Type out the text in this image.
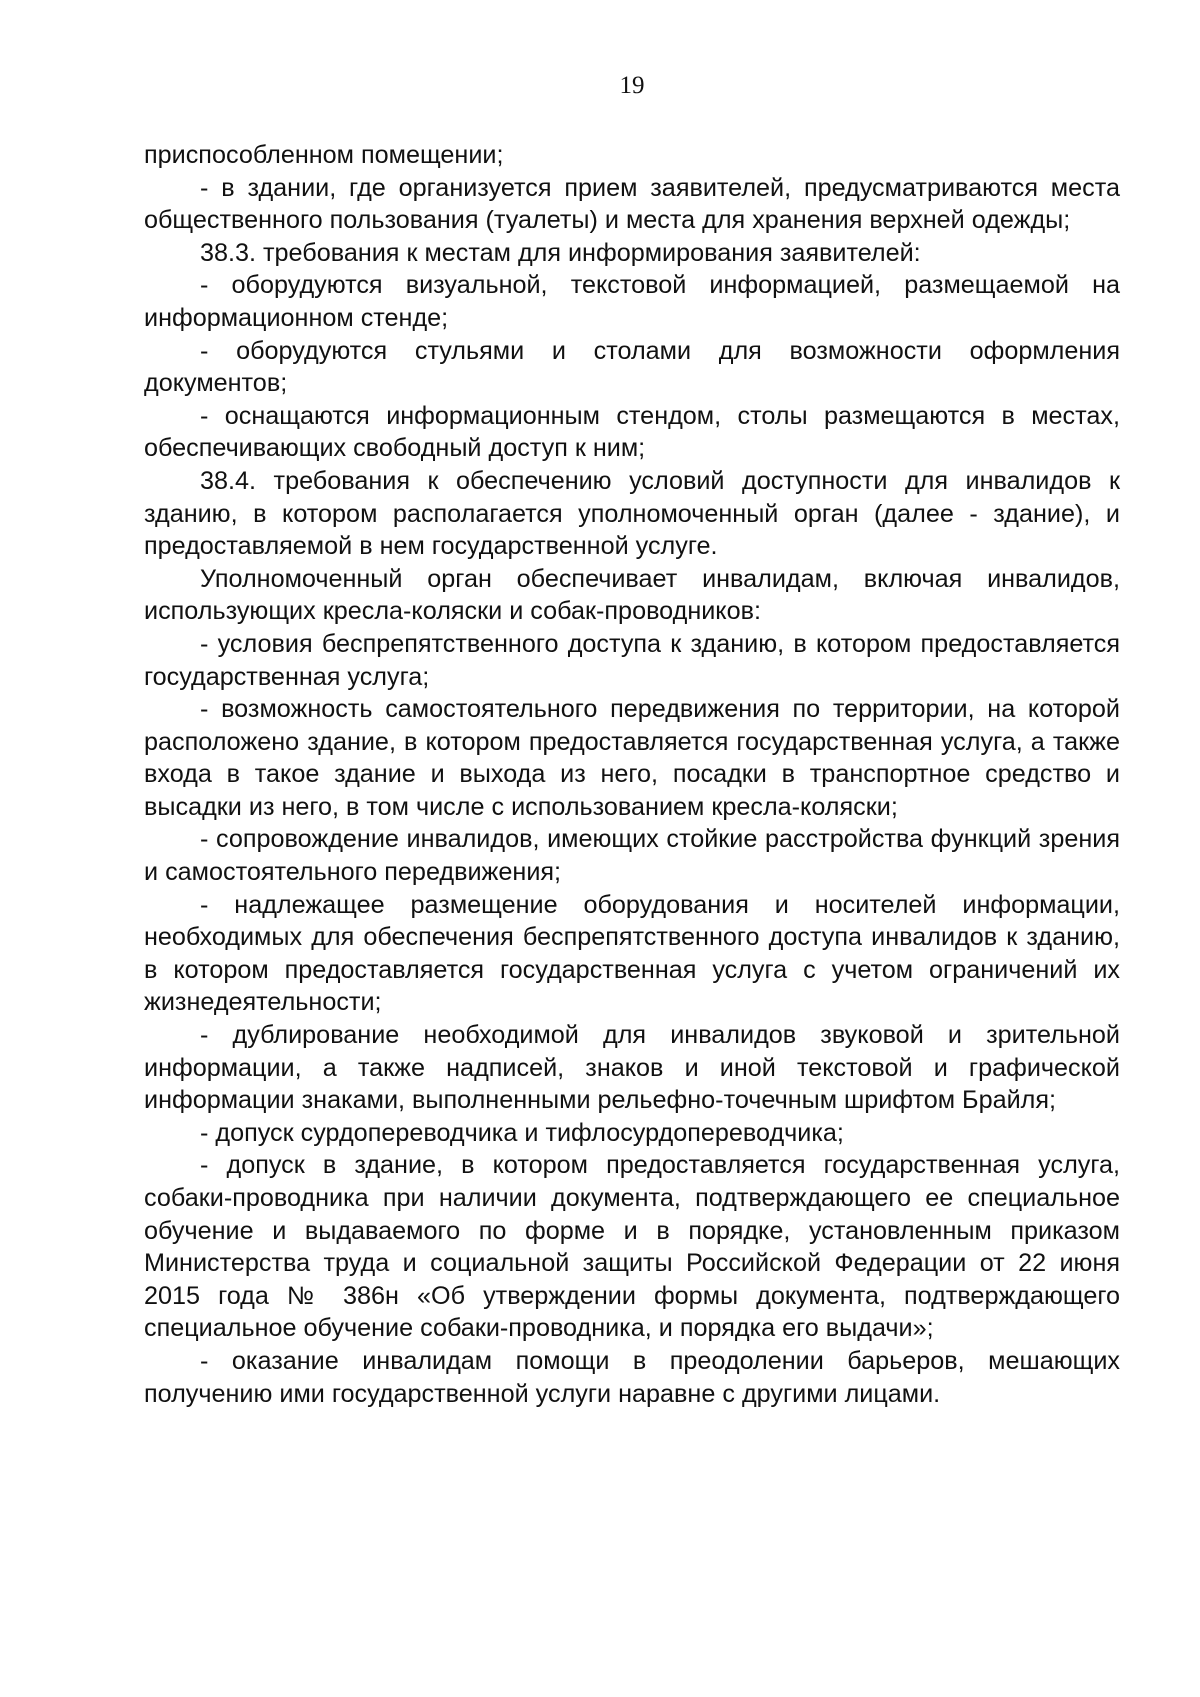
19

приспособленном помещении;

- в здании, где организуется прием заявителей, предусматриваются места общественного пользования (туалеты) и места для хранения верхней одежды;

38.3. требования к местам для информирования заявителей:

- оборудуются визуальной, текстовой информацией, размещаемой на информационном стенде;

- оборудуются стульями и столами для возможности оформления документов;

- оснащаются информационным стендом, столы размещаются в местах, обеспечивающих свободный доступ к ним;

38.4. требования к обеспечению условий доступности для инвалидов к зданию, в котором располагается уполномоченный орган (далее - здание), и предоставляемой в нем государственной услуге.

Уполномоченный орган обеспечивает инвалидам, включая инвалидов, использующих кресла-коляски и собак-проводников:

- условия беспрепятственного доступа к зданию, в котором предоставляется государственная услуга;

- возможность самостоятельного передвижения по территории, на которой расположено здание, в котором предоставляется государственная услуга, а также входа в такое здание и выхода из него, посадки в транспортное средство и высадки из него, в том числе с использованием кресла-коляски;

- сопровождение инвалидов, имеющих стойкие расстройства функций зрения и самостоятельного передвижения;

- надлежащее размещение оборудования и носителей информации, необходимых для обеспечения беспрепятственного доступа инвалидов к зданию, в котором предоставляется государственная услуга с учетом ограничений их жизнедеятельности;

- дублирование необходимой для инвалидов звуковой и зрительной информации, а также надписей, знаков и иной текстовой и графической информации знаками, выполненными рельефно-точечным шрифтом Брайля;

- допуск сурдопереводчика и тифлосурдопереводчика;

- допуск в здание, в котором предоставляется государственная услуга, собаки-проводника при наличии документа, подтверждающего ее специальное обучение и выдаваемого по форме и в порядке, установленным приказом Министерства труда и социальной защиты Российской Федерации от 22 июня 2015 года № 386н «Об утверждении формы документа, подтверждающего специальное обучение собаки-проводника, и порядка его выдачи»;

- оказание инвалидам помощи в преодолении барьеров, мешающих получению ими государственной услуги наравне с другими лицами.
